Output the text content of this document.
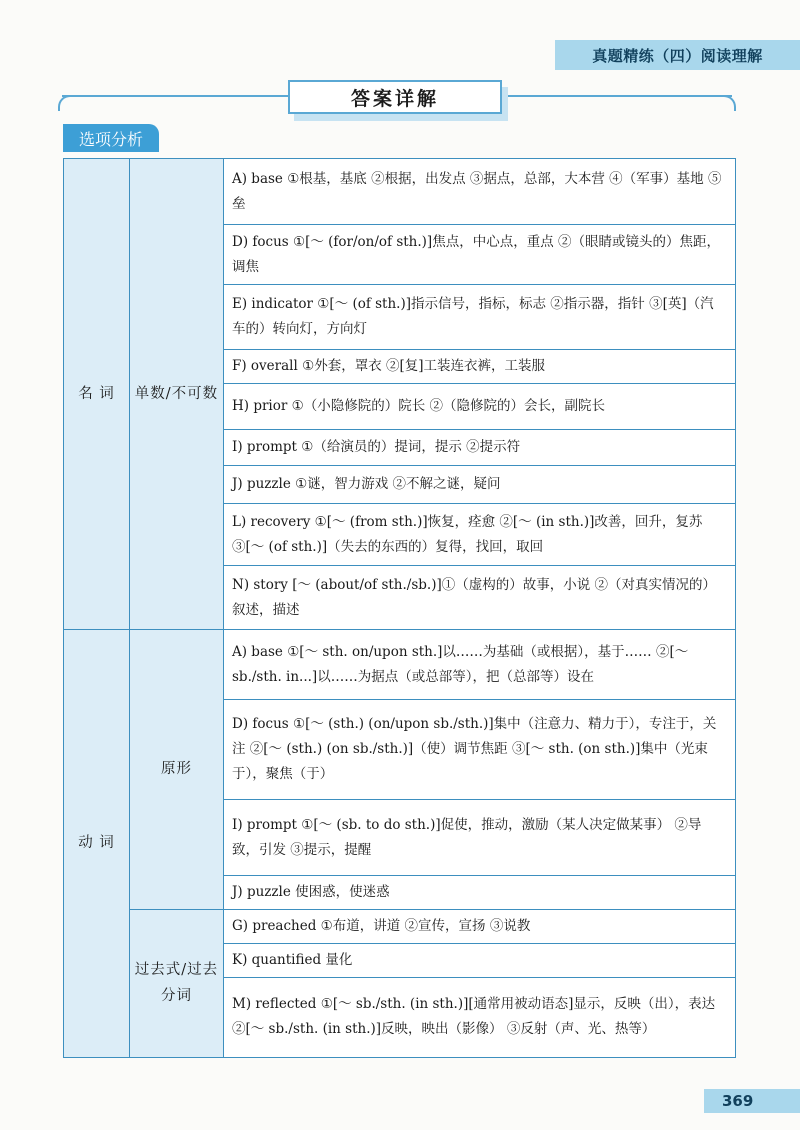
真题精练（四）阅读理解
答案详解
选项分析
名 词	单数/不可数	A) base ①根基，基底 ②根据，出发点 ③据点，总部，大本营 ④（军事）基地 ⑤垒
		D) focus ①[～ (for/on/of sth.)]焦点，中心点，重点 ②（眼睛或镜头的）焦距，调焦
		E) indicator ①[～ (of sth.)]指示信号，指标，标志 ②指示器，指针 ③[英]（汽车的）转向灯，方向灯
		F) overall ①外套，罩衣 ②[复]工装连衣裤，工装服
		H) prior ①（小隐修院的）院长 ②（隐修院的）会长，副院长
		I) prompt ①（给演员的）提词，提示 ②提示符
		J) puzzle ①谜，智力游戏 ②不解之谜，疑问
		L) recovery ①[～ (from sth.)]恢复，痊愈 ②[～ (in sth.)]改善，回升，复苏 ③[～ (of sth.)]（失去的东西的）复得，找回，取回
		N) story [～ (about/of sth./sb.)]①（虚构的）故事，小说 ②（对真实情况的）叙述，描述
动 词	原形	A) base ①[～ sth. on/upon sth.]以……为基础（或根据），基于…… ②[～ sb./sth. in...]以……为据点（或总部等），把（总部等）设在
		D) focus ①[～ (sth.) (on/upon sb./sth.)]集中（注意力、精力于），专注于，关注 ②[～ (sth.) (on sb./sth.)]（使）调节焦距 ③[～ sth. (on sth.)]集中（光束于），聚焦（于）
		I) prompt ①[～ (sb. to do sth.)]促使，推动，激励（某人决定做某事） ②导致，引发 ③提示，提醒
		J) puzzle 使困惑，使迷惑
	过去式/过去分词	G) preached ①布道，讲道 ②宣传，宣扬 ③说教
		K) quantified 量化
		M) reflected ①[～ sb./sth. (in sth.)][通常用被动语态]显示，反映（出），表达 ②[～ sb./sth. (in sth.)]反映，映出（影像） ③反射（声、光、热等）
369
